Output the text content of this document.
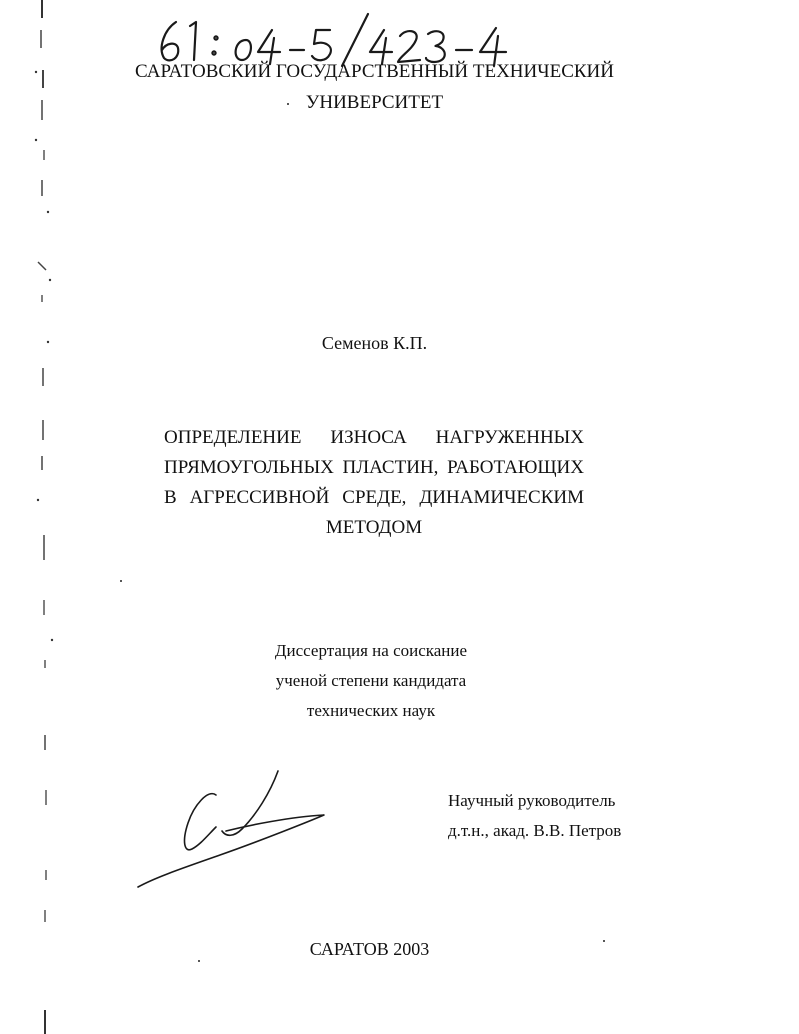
САРАТОВСКИЙ ГОСУДАРСТВЕННЫЙ ТЕХНИЧЕСКИЙ
УНИВЕРСИТЕТ
Семенов К.П.
ОПРЕДЕЛЕНИЕ ИЗНОСА НАГРУЖЕННЫХ
ПРЯМОУГОЛЬНЫХ ПЛАСТИН, РАБОТАЮЩИХ
В АГРЕССИВНОЙ СРЕДЕ, ДИНАМИЧЕСКИМ
МЕТОДОМ
Диссертация на соискание
ученой степени кандидата
технических наук
Научный руководитель
д.т.н., акад. В.В. Петров
САРАТОВ 2003
